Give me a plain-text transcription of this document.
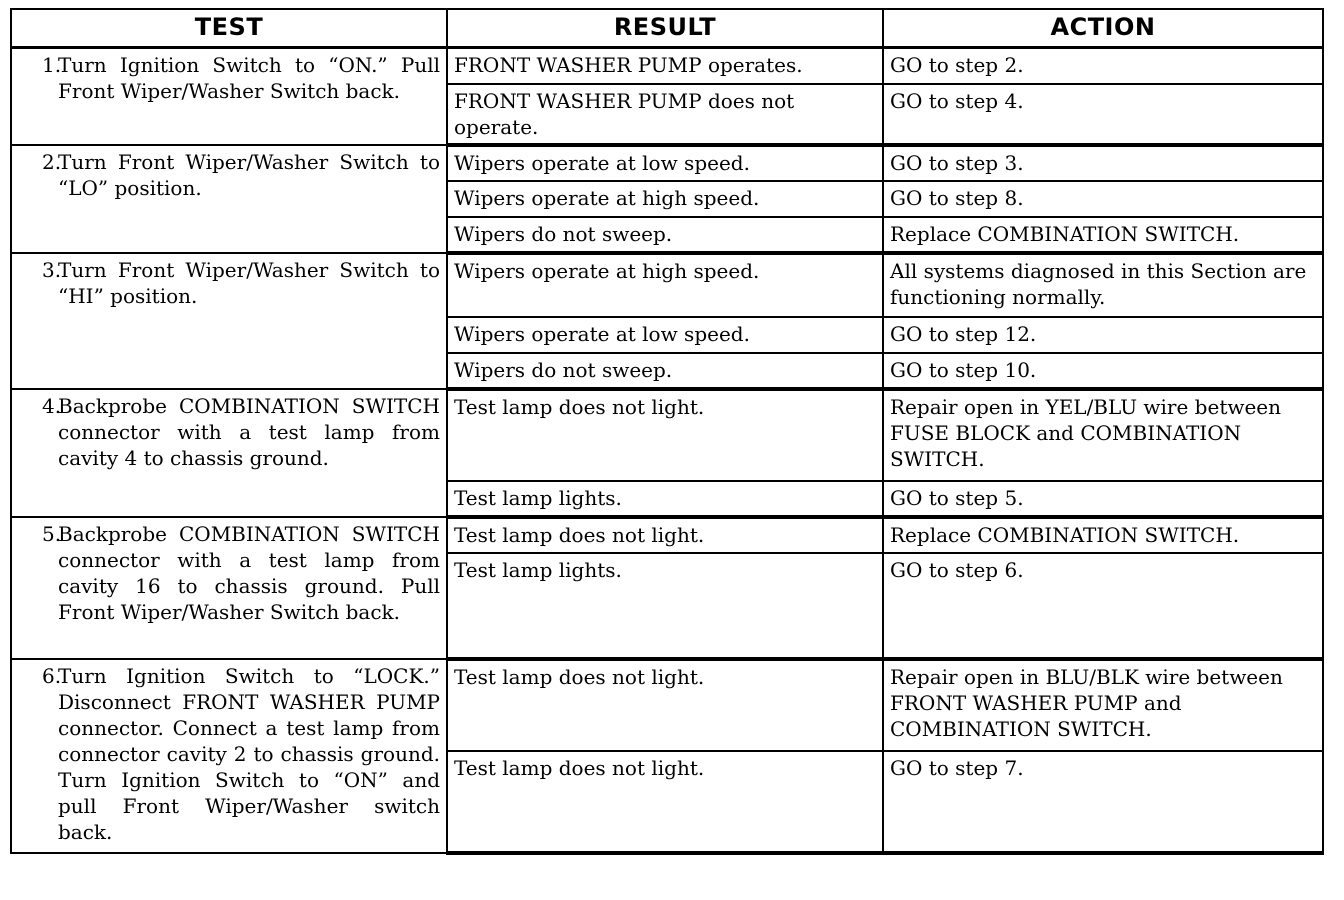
TEST	RESULT	ACTION

1.
Turn Ignition Switch to “ON.” Pull Front Wiper/Washer Switch back.	FRONT WASHER PUMP operates.	GO to step 2.
	FRONT WASHER PUMP does not operate.	GO to step 4.

2.
Turn Front Wiper/Washer Switch to “LO” position.	Wipers operate at low speed.	GO to step 3.
	Wipers operate at high speed.	GO to step 8.
	Wipers do not sweep.	Replace COMBINATION SWITCH.

3.
Turn Front Wiper/Washer Switch to “HI” position.	Wipers operate at high speed.	All systems diagnosed in this Section are functioning normally.
	Wipers operate at low speed.	GO to step 12.
	Wipers do not sweep.	GO to step 10.

4.
Backprobe COMBINATION SWITCH connector with a test lamp from cavity 4 to chassis ground.	Test lamp does not light.	Repair open in YEL/BLU wire between FUSE BLOCK and COMBINATION SWITCH.
	Test lamp lights.	GO to step 5.

5.
Backprobe COMBINATION SWITCH connector with a test lamp from cavity 16 to chassis ground. Pull Front Wiper/Washer Switch back.	Test lamp does not light.	Replace COMBINATION SWITCH.
	Test lamp lights.	GO to step 6.

6.
Turn Ignition Switch to “LOCK.” Disconnect FRONT WASHER PUMP connector. Connect a test lamp from connector cavity 2 to chassis ground. Turn Ignition Switch to “ON” and pull Front Wiper/Washer switch back.	Test lamp does not light.	Repair open in BLU/BLK wire between FRONT WASHER PUMP and COMBINATION SWITCH.
	Test lamp does not light.	GO to step 7.
